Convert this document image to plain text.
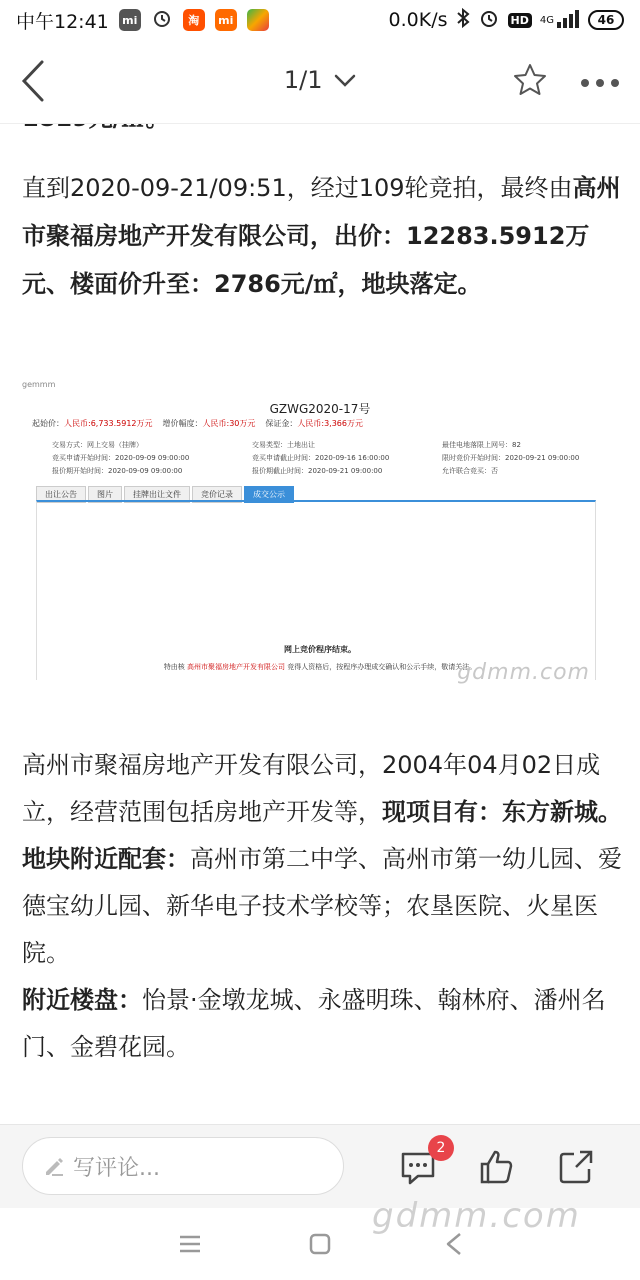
中午12:41	mi	淘	mi	0.0K/s	HD	4G	46
1/1

直到2020-09-21/09:51，经过109轮竞拍，最终由高州市聚福房地产开发有限公司，出价：12283.5912万元、楼面价升至：2786元/㎡，地块落定。

gemmm
GZWG2020-17号
起始价：人民币:6,733.5912万元 增价幅度：人民币:30万元 保证金：人民币:3,366万元
交易方式：网上交易（挂牌）	交易类型：土地出让	最佳电地落限上网号：82
竞买申请开始时间：2020-09-09 09:00:00	竞买申请截止时间：2020-09-16 16:00:00	限时竞价开始时间：2020-09-21 09:00:00
报价期开始时间：2020-09-09 09:00:00	报价期截止时间：2020-09-21 09:00:00	允许联合竞买：否
出让公告	图片	挂牌出让文件	竞价记录	成交公示
网上竞价程序结束。
特由核 高州市聚福房地产开发有限公司 竞得人资格后，按程序办理成交确认和公示手续，敬请关注。
gdmm.com

高州市聚福房地产开发有限公司，2004年04月02日成立，经营范围包括房地产开发等，现项目有：东方新城。

地块附近配套：高州市第二中学、高州市第一幼儿园、爱德宝幼儿园、新华电子技术学校等；农垦医院、火星医院。

附近楼盘：怡景·金墩龙城、永盛明珠、翰林府、潘州名门、金碧花园。

写评论...
2
gdmm.com
